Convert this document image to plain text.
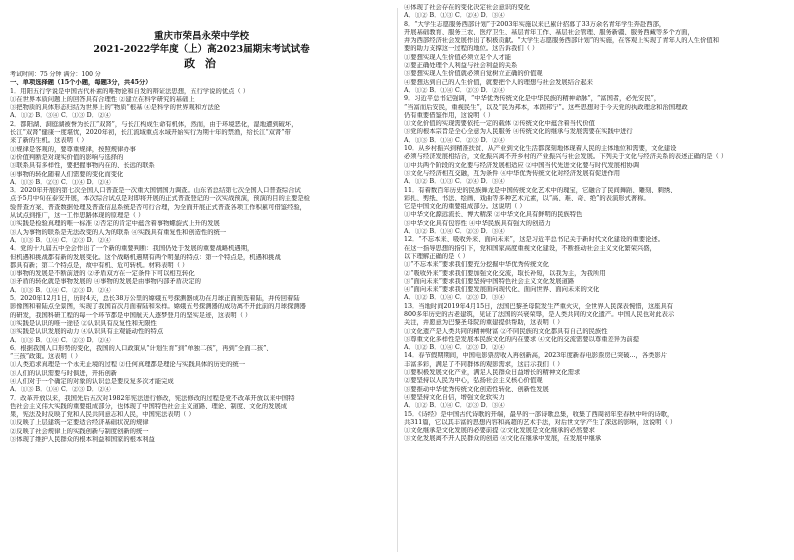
重庆市荣昌永荣中学校

2021-2022学年度（上）高2023届期末考试试卷

政 治

考试时间：75 分钟 满分：100 分

一、单项选择题（15个小题，每题3分，共45分）

1．用阳五行学说是中国古代朴素的唯物论和自发的辩证法思想，五行学说的优点（ ）

①在世界本质问题上的回答具有合理性 ②建立在科学研究的基础上

③把物质的具体形态归结为世界上的“物质”根基 ④是科学的世界观和方法论

A．①② B．③④ C．①③ D．②④

2．都阳湖、洞庭湖被誉为长江“双肾”，与长江构成生命有机体，然而，由于环境恶化，湿地遭到破坏，

长江“双肾”健康一度堪忧，2020年初，长江流域重点水域开始实行为期十年的禁渔，给长江“双肾”带

来了新的生机。这表明（ ）

①规律是客观的，要尊重规律，按照规律办事

②价值判断是对现实价值的影响与选择的

③联系具有多样性，要把握事物内在的、长远的联系

④事物的转化随着人们需要的变化而变化

A．①③ B．②③ C．①④ D．②④

3．2020年开展的第七次全国人口普查是一次重大国情国力调查。山东省总结第七次全国人口普查综合试

点予5月中旬在泰安开展，本次综合试点是对即将开展的正式普查登记的一次实战预演，预演的目的主要是检

验普查方案、普查数据处理及普查信息系统是否可行合理，为全面开展正式普查各项工作积累可借鉴经验，

从试点到推广，这一工作思路体现的原理是（ ）

①实践是检验真理的唯一标准 ②否定的肯定中蕴含着事物螺旋式上升的发展

③人为事物的联系是无法改变的人为的联系 ④实践具有重复性和创造性的统一

A．①③ B．①④ C．②③ D．②④

4．党的十九届五中全会作出了一个新的重要判断：我国仍处于发展的重要战略机遇期，

但机遇和挑战都有新的发展变化。这个战略机遇期有两个明显的特点：第一个特点是，机遇和挑战

都具有新；第二个特点是，故中有机、危可转机。材料表明（ ）

①事物的发展是不断前进的 ②矛盾双方在一定条件下可以相互转化

③矛盾的转化就是事物发展的 ④事物的发展是由事物内部矛盾决定的

A．①③ B．①④ C．②③ D．②④

5．2020年12月1日，历时4天，总长38万公里的嫦娥五号探测器成功在月球正面预选着陆，并传回着陆

影像图和着陆点全景图，实现了我国首次月面着陆和采样。嫦娥五号探测器的成功离不开此前的月球探测器

的研发，我国科研工程的每一个环节都是中国航天人逐梦登月的坚实足迹，这表明（ ）

①实践是认识的唯一途径 ②认识具有反复性和无限性

③实践是认识发展的动力 ④认识具有主观能动性的特点

A．①③ B．①④ C．②③ D．②④

6．根据我国人口形势的变化，我国的人口政策从“计划生育”到“单独二孩”，再到“全面二孩”、

“三孩”政策。这表明（ ）

①人类追求真理是一个永无止境的过程 ②任何真理都是理论与实践具体的历史的统一

③人们的认识需要与时俱进，开拓创新

④人们对于一个确定的对象的认识总是要反复多次才能完成

A．①③ B．①④ C．②③ D．②④

7．改革开放以来，我国先后五次对1982年宪法进行修改，宪法修改的过程是党不改革开放以来中国特

色社会主义伟大实践的重要组成部分，也体现了中国特色社会主义道路、理论、制度、文化的发展成

果，宪法及时反映了党和人民共同意志和人民，中国宪法表明（ ）

①反映了上层建筑一定要适合经济基础状况的规律

②反映了社会规律上的实践创新与制度创新的统一

③体现了维护人民群众的根本利益和国家的根本利益

④体现了社会存在的变化决定社会意识的变化

A．①② B．①③ C．②④ D．③④

8．“大学生志愿服务西部计划”于2003年实施以来已累计招募了33万余名青年学生奔赴西部，

开展基础教育、服务三农、医疗卫生、基层青年工作、基层社会管理、服务新疆、服务西藏等多个方面，

并为西部经济社会发展作出了积极贡献。“大学生志愿服务西部计划”的实施，在客观上实现了青年人的人生价值和

要的助力支撑这一过程的地位。这告诉我们（ ）

①要想实现人生价值必须立足个人才能

②要正确处理个人利益与社会利益的关系

③要想实现人生价值就必须自觉树立正确的价值观

④要想达到自己的人生价值，就要把个人的理想与社会发展结合起来

A．①② B．①④ C．②③ D．②④

9．习近平总书记强调，“中华优秀传统文化是中华民族的精神命脉”，“富国者，必先安民”，

“当富而后安民，重视民生”，以及“民为邦本，本固邦宁”。这些思想对于今天党的执政理念和治国理政

仍有重要借鉴作用，这说明（ ）

①文化价值的实现需要依托一定的载体 ②传统文化中蕴含着当代价值

③党的根本宗旨是全心全意为人民服务 ④传统文化的继承与发展需要在实践中进行

A．①③ B．①④ C．②③ D．②④

10．从乡村振兴到精准扶贫、从产业到文化生活都深刻地体现着人民的主体地位和需要，文化建设

必须与经济发展相结合，文化振兴离不开乡村的产业振兴与社会发展。下列关于文化与经济关系的表述正确的是（ ）

①中共两个阶段的文化要与经济发展相适应 ②中国当代先进文化要与时代发展相协调

③文化与经济相互交融，互为条件 ④中华优秀传统文化对经济发展有促进作用

A．①② B．①③ C．②④ D．③④

11．有着数百年历史的民族舞龙是中国传统文化艺术中的瑰宝，它融合了民间舞蹈、雕刻、刺绣、

彩扎、剪纸、书法、绘画、戏曲等多种艺术元素，以“高、难、奇、绝”的表演形式著称。

它是中国文化的重要组成部分。这说明（ ）

①中华文化源远流长、博大精深 ②中华文化具有鲜明的民族特色

③中华文化具有包容性 ④中华民族具有强大的创造力

A．①② B．①④ C．②③ D．③④

12．“不忘本来、吸收外来、面向未来”，这是习近平总书记关于新时代文化建设的重要论述。

在这一指导思想的指引下，党和国家高度重视文化建设，不断推动社会主义文化繁荣兴盛，

以下理解正确的是（ ）

①“不忘本来”要求我们要充分挖掘中华优秀传统文化

②“吸收外来”要求我们要加强文化交流，取长补短，以我为主，为我所用

③“面向未来”要求我们要坚持中国特色社会主义文化发展道路

④“面向未来”要求我们要发展面向现代化、面向世界、面向未来的文化

A．①② B．①④ C．②③ D．③④

13．当地时间2019年4月15日，法国巴黎圣母院发生严重火灾，全世界人民深表惋惜，这座具有

800多年历史的古老建筑，见证了法国的兴衰荣辱，是人类共同的文化遗产。中国人民也对此表示

关注，并愿意为巴黎圣母院的重建提供帮助，这表明（ ）

①文化遗产是人类共同的精神财富 ②不同民族的文化都具有自己的民族性

③尊重文化多样性是发展本民族文化的内在要求 ④文化的交流需要以尊重差异为前提

A．①② B．①④ C．②③ D．②④

14．春节假期期间，中国电影票房收入再创新高，2023年度新春电影票房已突破...，各类影片

丰富多彩，满足了不同群体的观影需求，这启示我们（ ）

①要积极发展文化产业，满足人民群众日益增长的精神文化需求

②要坚持以人民为中心，弘扬社会主义核心价值观

③要推动中华优秀传统文化创造性转化、创新性发展

④要坚持文化自信，增强文化软实力

A．①② B．①④ C．②③ D．③④

15．《诗经》是中国古代诗歌的开端，最早的一部诗歌总集，收集了西周初年至春秋中叶的诗歌，

共311篇，它以其丰富的思想内容和高超的艺术手法，对后世文学产生了深远的影响，这说明（ ）

①文化继承是文化发展的必要前提 ②文化发展是文化继承的必然要求

③文化发展离不开人民群众的创造 ④文化在继承中发展，在发展中继承
